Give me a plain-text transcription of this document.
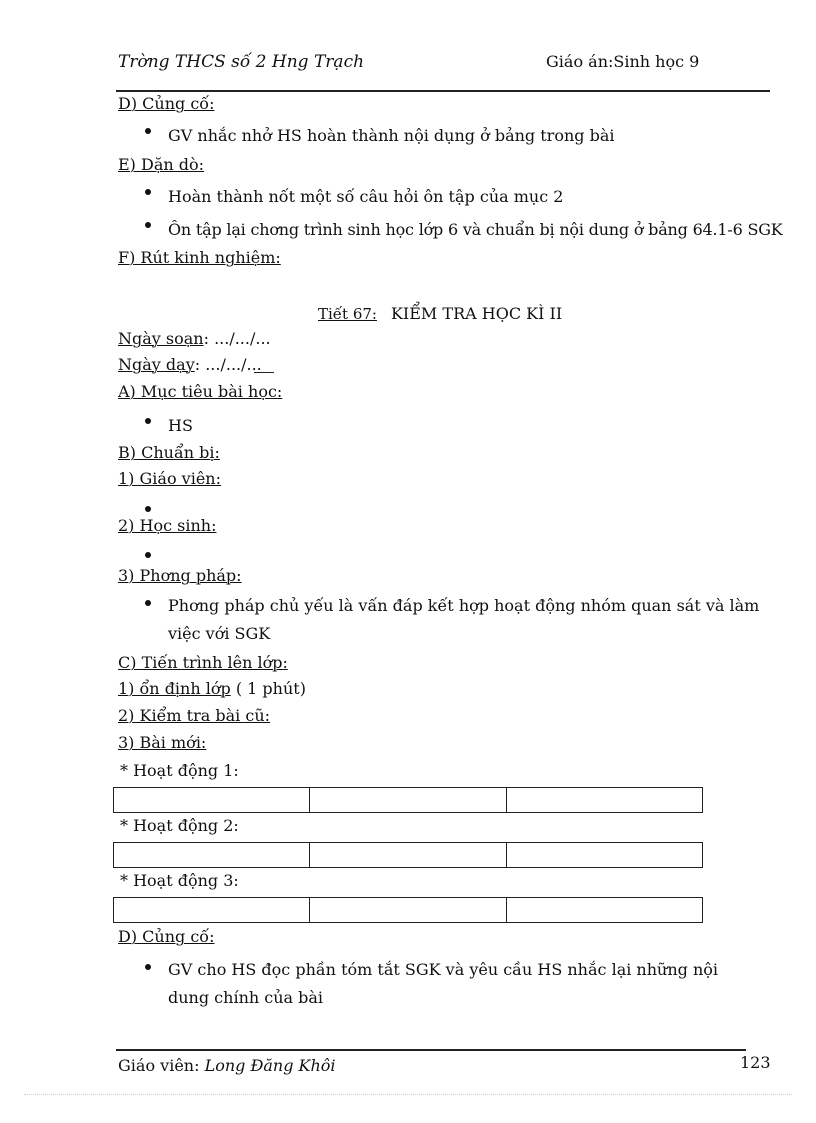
Trờng THCS số 2 Hng Trạch	Giáo án:Sinh học 9
D) Củng cố:
GV nhắc nhở HS hoàn thành nội dụng ở bảng trong bài
E) Dặn dò:
Hoàn thành nốt một số câu hỏi ôn tập của mục 2
Ôn tập lại chơng trình sinh học lớp 6 và chuẩn bị nội dung ở bảng 64.1-6 SGK
F) Rút kinh nghiệm:
Tiết 67: KIỂM TRA HỌC KÌ II
Ngày soạn: .../.../...
Ngày dạy: .../.../...
A) Mục tiêu bài học:
HS
B) Chuẩn bị:
1) Giáo viên:
2) Học sinh:
3) Phơng pháp:
Phơng pháp chủ yếu là vấn đáp kết hợp hoạt động nhóm quan sát và làm việc với SGK
C) Tiến trình lên lớp:
1) ổn định lớp ( 1 phút)
2) Kiểm tra bài cũ:
3) Bài mới:
* Hoạt động 1:
* Hoạt động 2:
* Hoạt động 3:
D) Củng cố:
GV cho HS đọc phần tóm tắt SGK và yêu cầu HS nhắc lại những nội dung chính của bài
Giáo viên: Long Đăng Khôi	123
